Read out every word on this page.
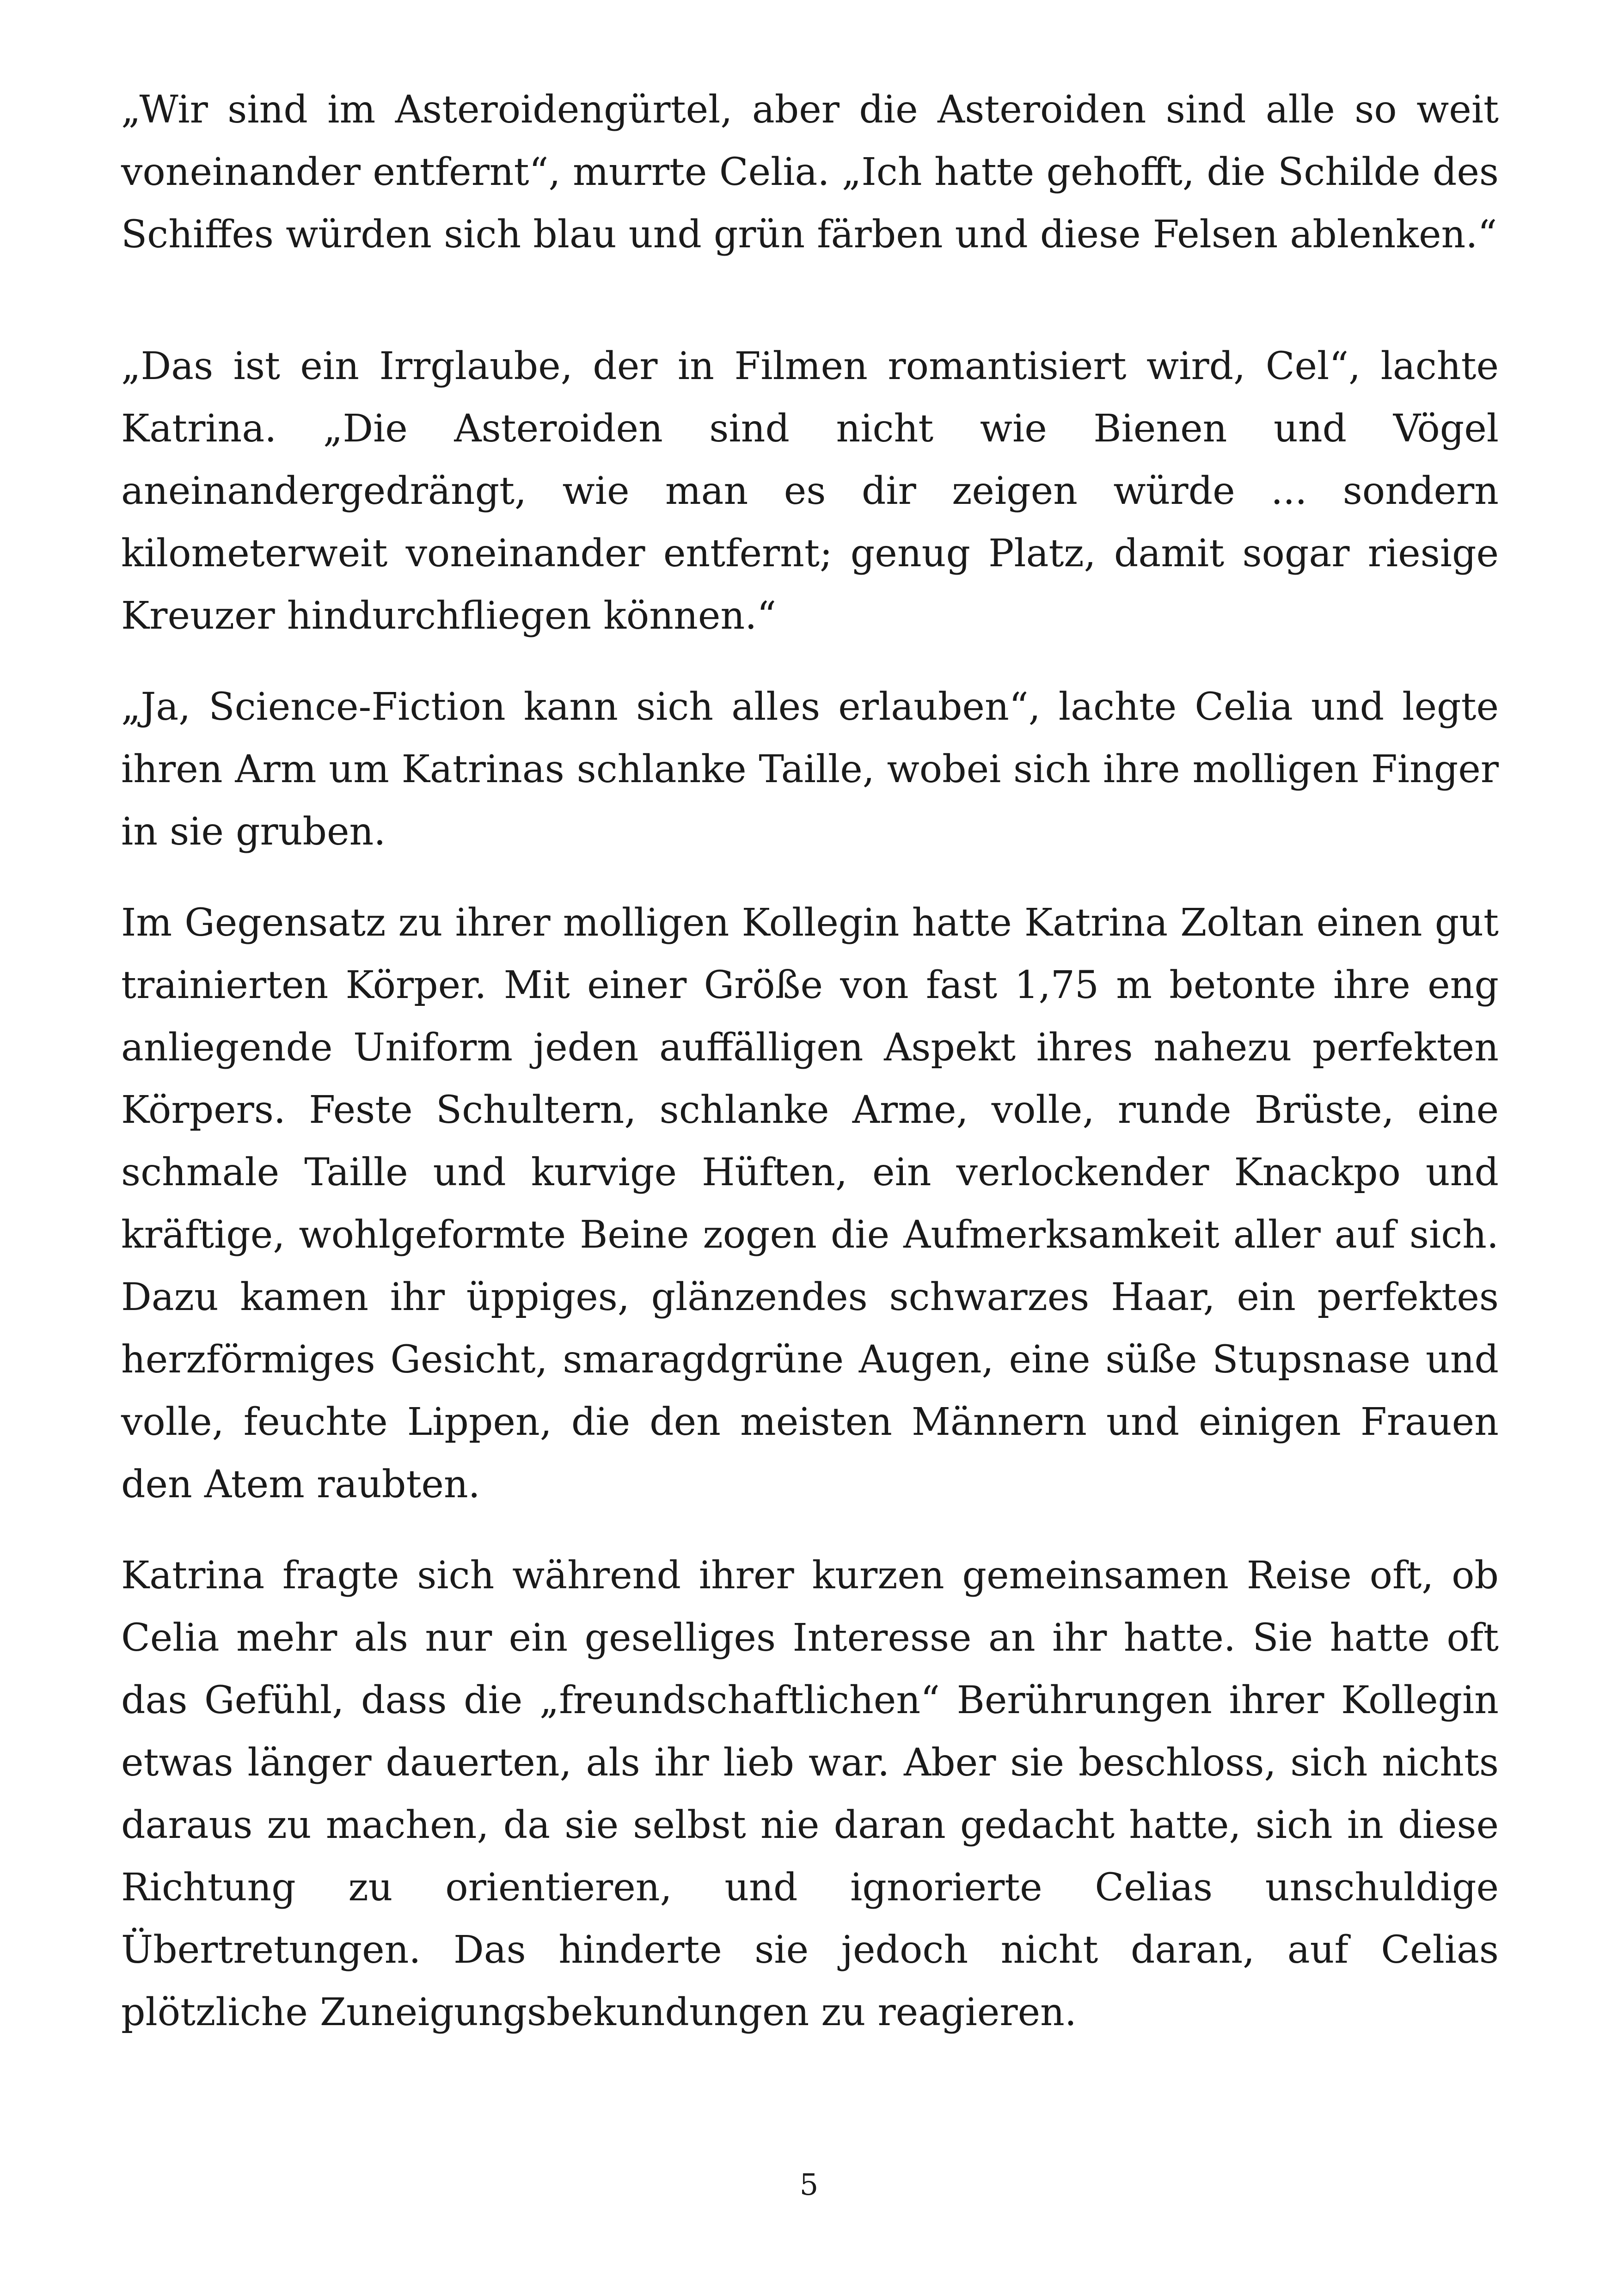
„Wir sind im Asteroidengürtel, aber die Asteroiden sind alle so weit voneinander entfernt“, murrte Celia. „Ich hatte gehofft, die Schilde des Schiffes würden sich blau und grün färben und diese Felsen ablenken.“

„Das ist ein Irrglaube, der in Filmen romantisiert wird, Cel“, lachte Katrina. „Die Asteroiden sind nicht wie Bienen und Vögel aneinandergedrängt, wie man es dir zeigen würde ... sondern kilometerweit voneinander entfernt; genug Platz, damit sogar riesige Kreuzer hindurchfliegen können.“

„Ja, Science-Fiction kann sich alles erlauben“, lachte Celia und legte ihren Arm um Katrinas schlanke Taille, wobei sich ihre molligen Finger in sie gruben.

Im Gegensatz zu ihrer molligen Kollegin hatte Katrina Zoltan einen gut trainierten Körper. Mit einer Größe von fast 1,75 m betonte ihre eng anliegende Uniform jeden auffälligen Aspekt ihres nahezu perfekten Körpers. Feste Schultern, schlanke Arme, volle, runde Brüste, eine schmale Taille und kurvige Hüften, ein verlockender Knackpo und kräftige, wohlgeformte Beine zogen die Aufmerksamkeit aller auf sich. Dazu kamen ihr üppiges, glänzendes schwarzes Haar, ein perfektes herzförmiges Gesicht, smaragdgrüne Augen, eine süße Stupsnase und volle, feuchte Lippen, die den meisten Männern und einigen Frauen den Atem raubten.

Katrina fragte sich während ihrer kurzen gemeinsamen Reise oft, ob Celia mehr als nur ein geselliges Interesse an ihr hatte. Sie hatte oft das Gefühl, dass die „freundschaftlichen“ Berührungen ihrer Kollegin etwas länger dauerten, als ihr lieb war. Aber sie beschloss, sich nichts daraus zu machen, da sie selbst nie daran gedacht hatte, sich in diese Richtung zu orientieren, und ignorierte Celias unschuldige Übertretungen. Das hinderte sie jedoch nicht daran, auf Celias plötzliche Zuneigungsbekundungen zu reagieren.

5
